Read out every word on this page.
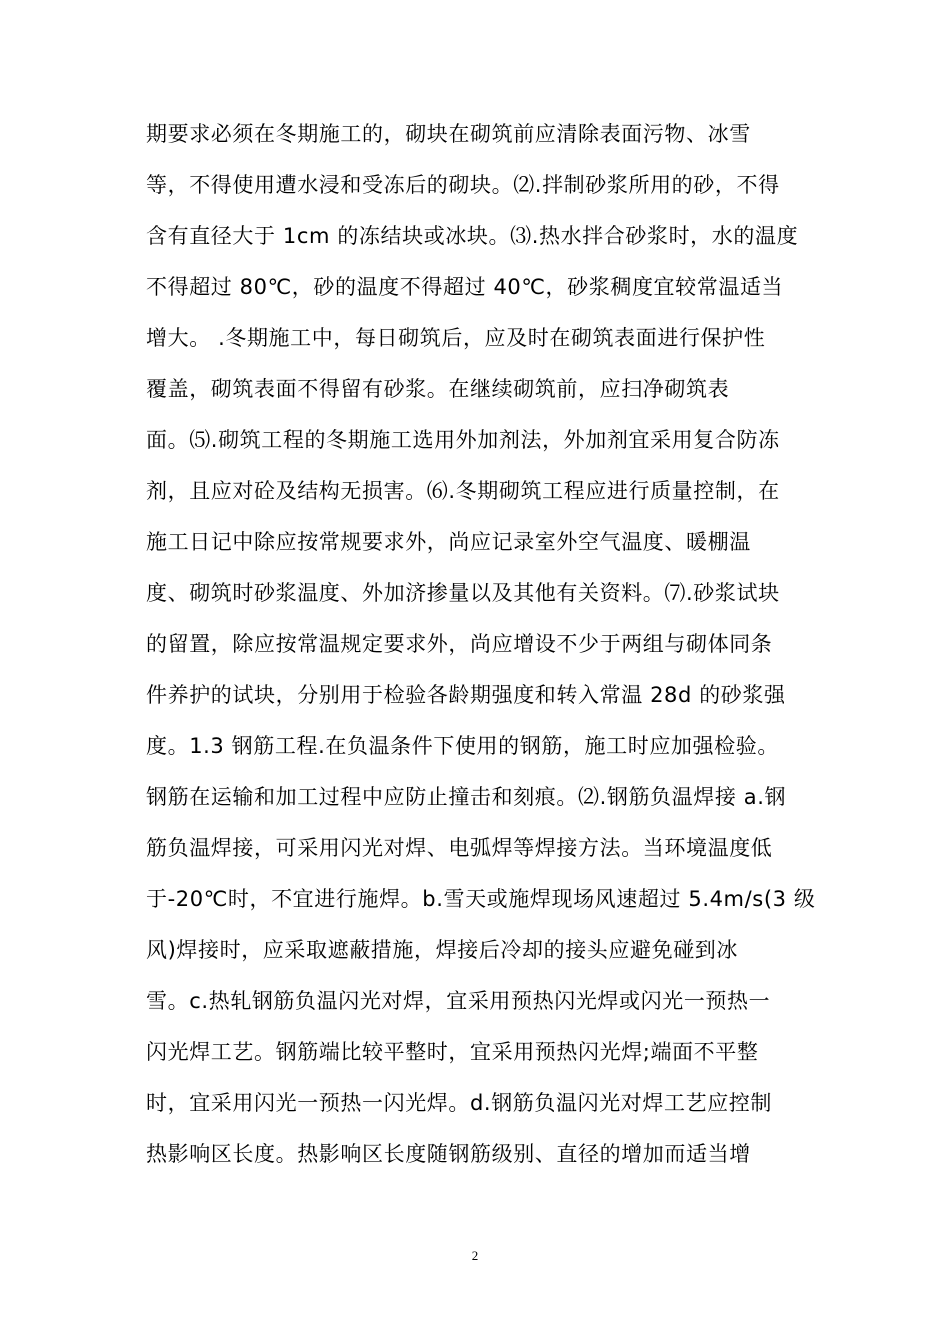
期要求必须在冬期施工的，砌块在砌筑前应清除表面污物、冰雪
等，不得使用遭水浸和受冻后的砌块。⑵.拌制砂浆所用的砂，不得
含有直径大于 1cm 的冻结块或冰块。⑶.热水拌合砂浆时，水的温度
不得超过 80℃，砂的温度不得超过 40℃，砂浆稠度宜较常温适当
增大。 .冬期施工中，每日砌筑后，应及时在砌筑表面进行保护性
覆盖，砌筑表面不得留有砂浆。在继续砌筑前，应扫净砌筑表
面。⑸.砌筑工程的冬期施工选用外加剂法，外加剂宜采用复合防冻
剂，且应对砼及结构无损害。⑹.冬期砌筑工程应进行质量控制，在
施工日记中除应按常规要求外，尚应记录室外空气温度、暖棚温
度、砌筑时砂浆温度、外加济掺量以及其他有关资料。⑺.砂浆试块
的留置，除应按常温规定要求外，尚应增设不少于两组与砌体同条
件养护的试块，分别用于检验各龄期强度和转入常温 28d 的砂浆强
度。1.3 钢筋工程.在负温条件下使用的钢筋，施工时应加强检验。
钢筋在运输和加工过程中应防止撞击和刻痕。⑵.钢筋负温焊接 a.钢
筋负温焊接，可采用闪光对焊、电弧焊等焊接方法。当环境温度低
于-20℃时，不宜进行施焊。b.雪天或施焊现场风速超过 5.4m/s(3 级
风)焊接时，应采取遮蔽措施，焊接后冷却的接头应避免碰到冰
雪。c.热轧钢筋负温闪光对焊，宜采用预热闪光焊或闪光一预热一
闪光焊工艺。钢筋端比较平整时，宜采用预热闪光焊;端面不平整
时，宜采用闪光一预热一闪光焊。d.钢筋负温闪光对焊工艺应控制
热影响区长度。热影响区长度随钢筋级别、直径的增加而适当增
2
